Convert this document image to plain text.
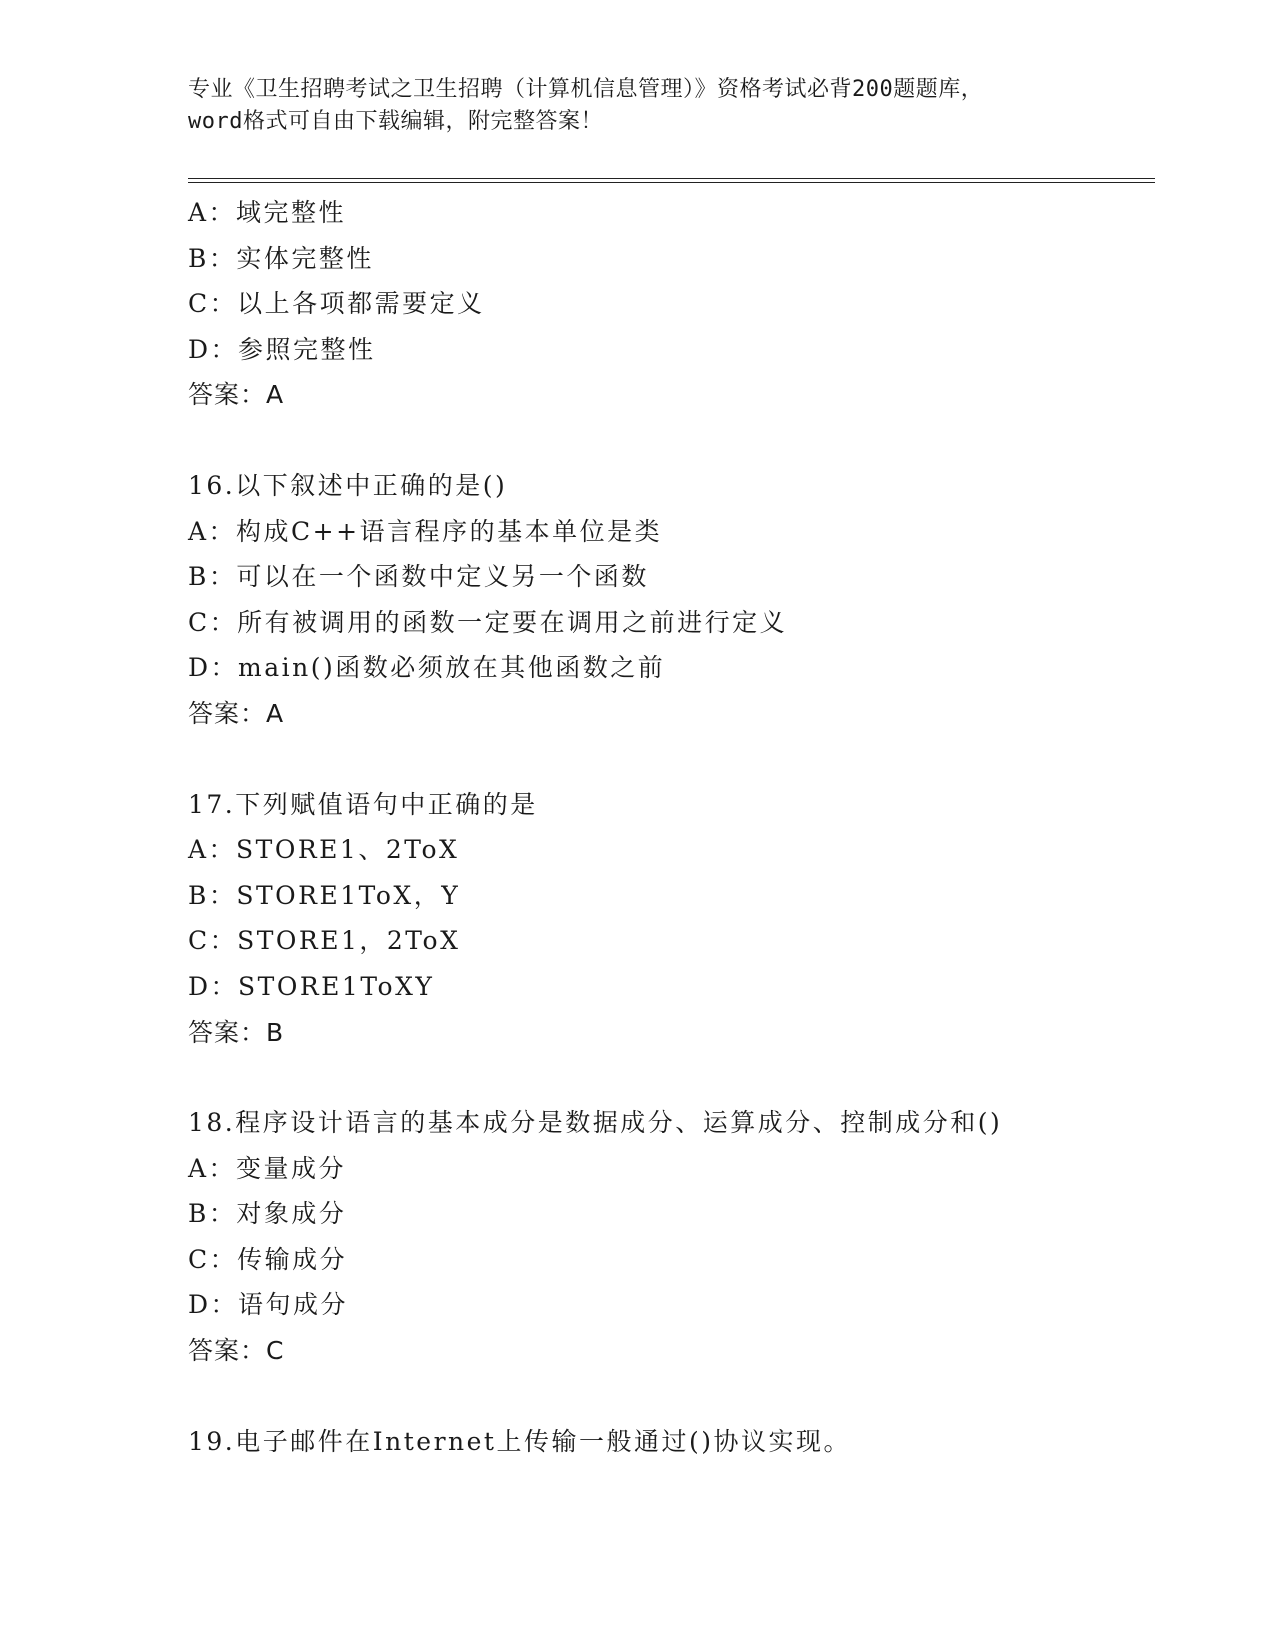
专业《卫生招聘考试之卫生招聘（计算机信息管理）》资格考试必背200题题库，
word格式可自由下载编辑，附完整答案！
A：域完整性
B：实体完整性
C：以上各项都需要定义
D：参照完整性
答案：A
16.以下叙述中正确的是()
A：构成C++语言程序的基本单位是类
B：可以在一个函数中定义另一个函数
C：所有被调用的函数一定要在调用之前进行定义
D：main()函数必须放在其他函数之前
答案：A
17.下列赋值语句中正确的是
A：STORE1、2ToX
B：STORE1ToX，Y
C：STORE1，2ToX
D：STORE1ToXY
答案：B
18.程序设计语言的基本成分是数据成分、运算成分、控制成分和()
A：变量成分
B：对象成分
C：传输成分
D：语句成分
答案：C
19.电子邮件在Internet上传输一般通过()协议实现。
